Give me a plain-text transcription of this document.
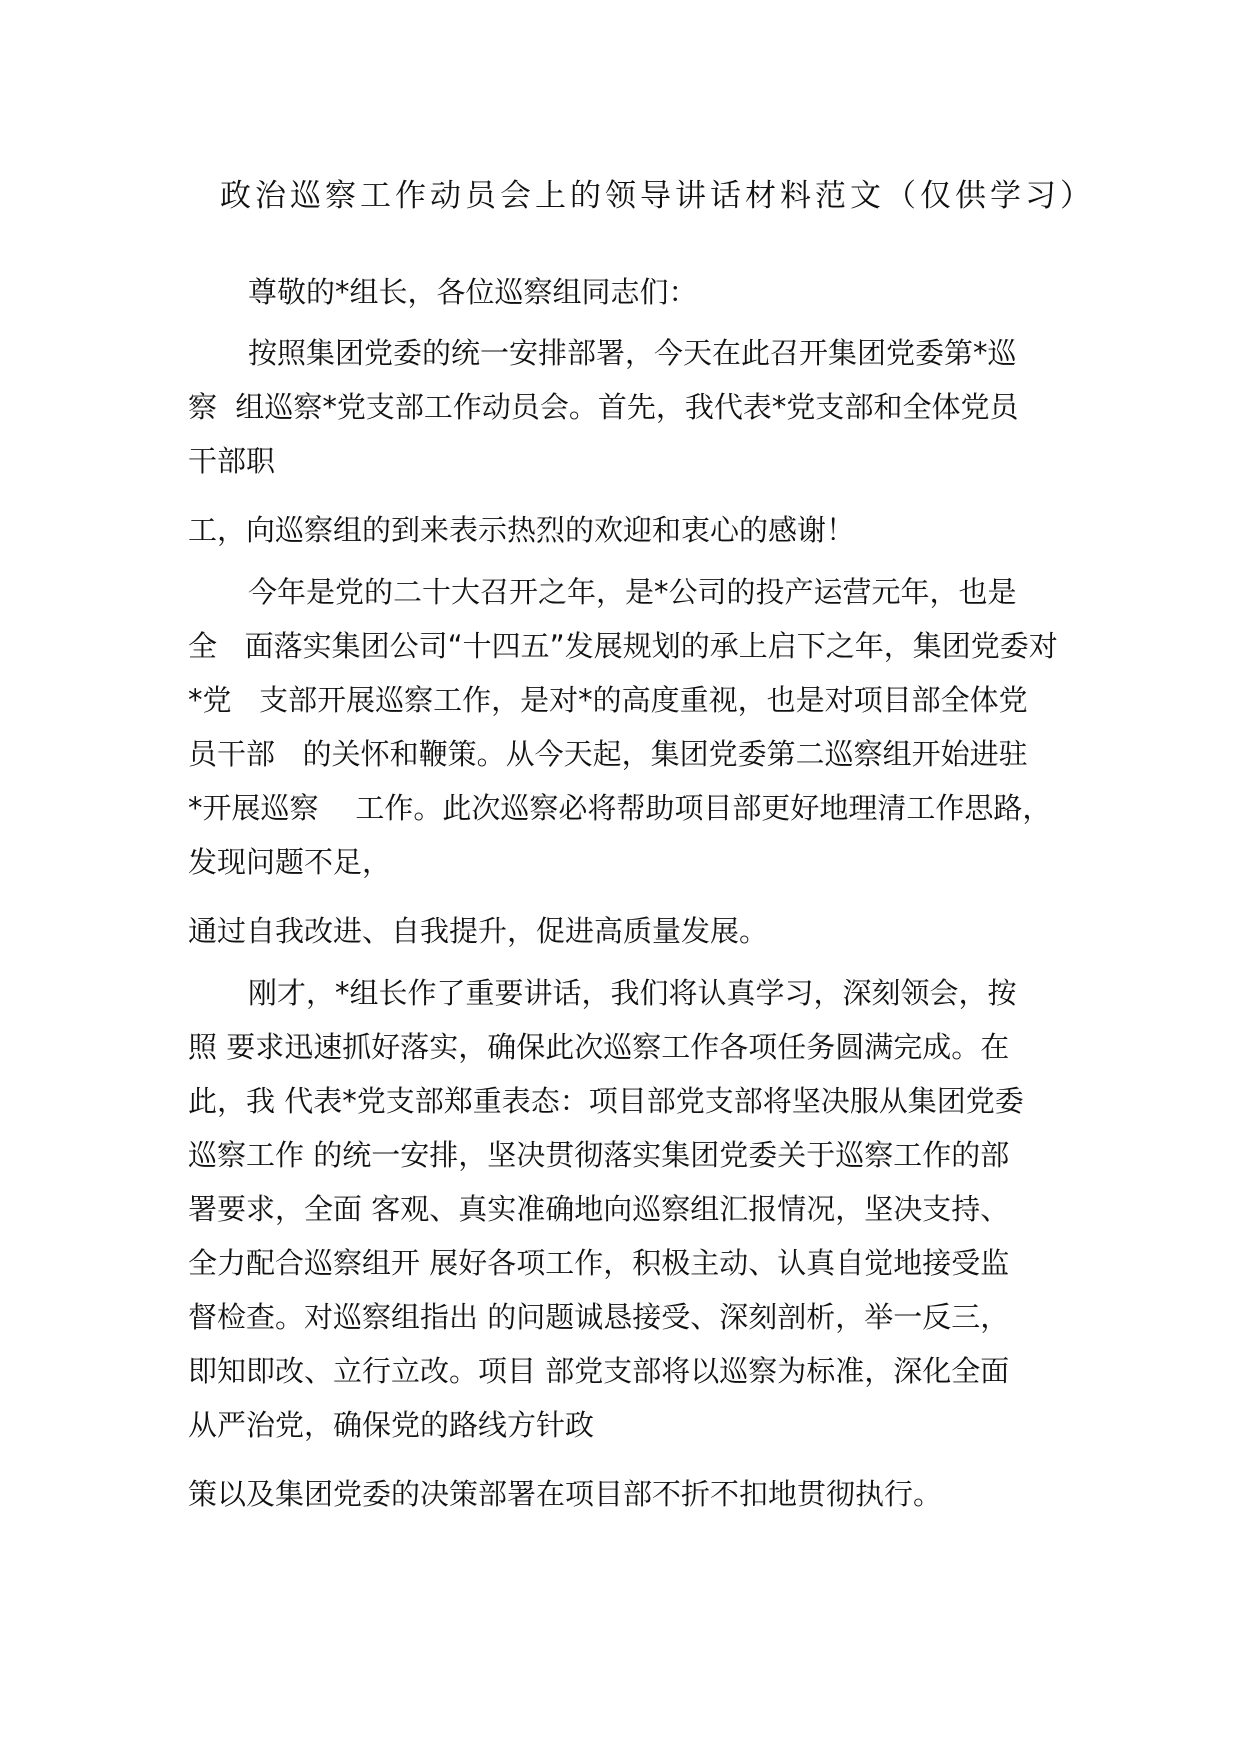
政治巡察工作动员会上的领导讲话材料范文（仅供学习）
尊敬的*组长，各位巡察组同志们：
按照集团党委的统一安排部署，今天在此召开集团党委第*巡
察  组巡察*党支部工作动员会。首先，我代表*党支部和全体党员
干部职
工，向巡察组的到来表示热烈的欢迎和衷心的感谢！
今年是党的二十大召开之年，是*公司的投产运营元年，也是
全   面落实集团公司“十四五”发展规划的承上启下之年，集团党委对
*党   支部开展巡察工作，是对*的高度重视，也是对项目部全体党
员干部   的关怀和鞭策。从今天起，集团党委第二巡察组开始进驻
*开展巡察    工作。此次巡察必将帮助项目部更好地理清工作思路，
发现问题不足，
通过自我改进、自我提升，促进高质量发展。
刚才，*组长作了重要讲话，我们将认真学习，深刻领会，按
照 要求迅速抓好落实，确保此次巡察工作各项任务圆满完成。在
此，我 代表*党支部郑重表态：项目部党支部将坚决服从集团党委
巡察工作 的统一安排，坚决贯彻落实集团党委关于巡察工作的部
署要求，全面 客观、真实准确地向巡察组汇报情况，坚决支持、
全力配合巡察组开 展好各项工作，积极主动、认真自觉地接受监
督检查。对巡察组指出 的问题诚恳接受、深刻剖析，举一反三，
即知即改、立行立改。项目 部党支部将以巡察为标准，深化全面
从严治党，确保党的路线方针政
策以及集团党委的决策部署在项目部不折不扣地贯彻执行。
